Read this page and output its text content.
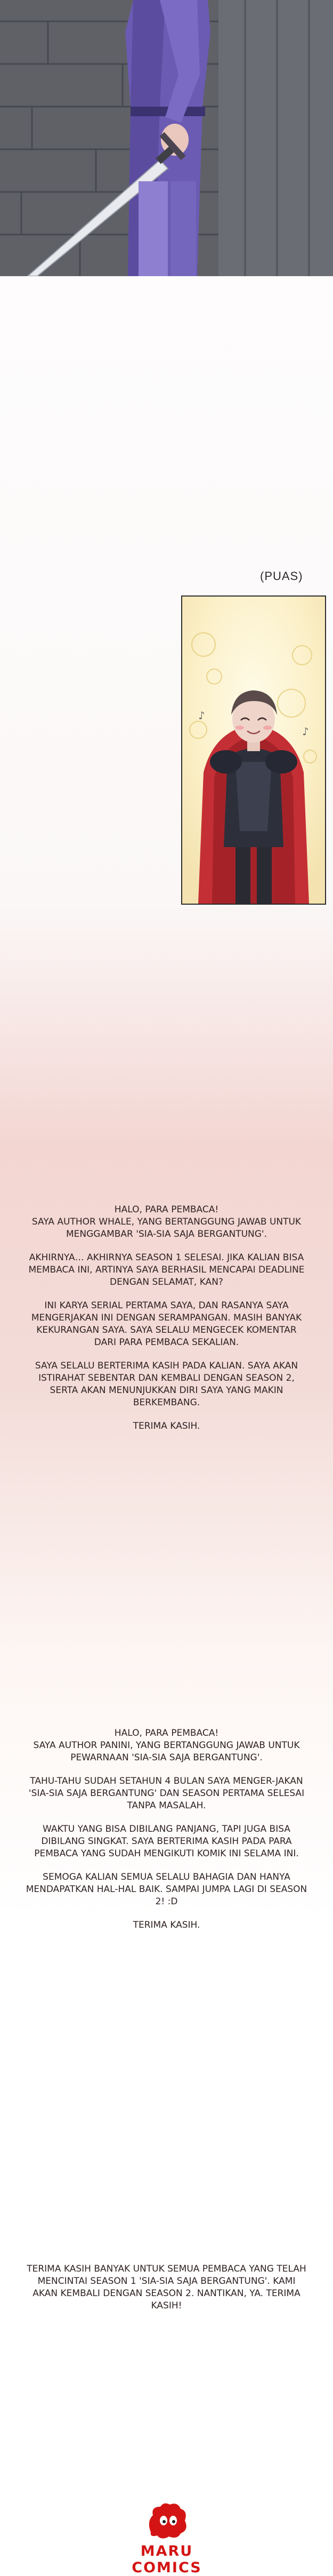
(PUAS)
♪
♪

HALO, PARA PEMBACA!
SAYA AUTHOR WHALE, YANG BERTANGGUNG JAWAB UNTUK MENGGAMBAR 'SIA-SIA SAJA BERGANTUNG'.

AKHIRNYA… AKHIRNYA SEASON 1 SELESAI. JIKA KALIAN BISA MEMBACA INI, ARTINYA SAYA BERHASIL MENCAPAI DEADLINE DENGAN SELAMAT, KAN?

INI KARYA SERIAL PERTAMA SAYA, DAN RASANYA SAYA MENGERJAKAN INI DENGAN SERAMPANGAN. MASIH BANYAK KEKURANGAN SAYA. SAYA SELALU MENGECEK KOMENTAR DARI PARA PEMBACA SEKALIAN.

SAYA SELALU BERTERIMA KASIH PADA KALIAN. SAYA AKAN ISTIRAHAT SEBENTAR DAN KEMBALI DENGAN SEASON 2, SERTA AKAN MENUNJUKKAN DIRI SAYA YANG MAKIN BERKEMBANG.

TERIMA KASIH.

HALO, PARA PEMBACA!
SAYA AUTHOR PANINI, YANG BERTANGGUNG JAWAB UNTUK PEWARNAAN 'SIA-SIA SAJA BERGANTUNG'.

TAHU-TAHU SUDAH SETAHUN 4 BULAN SAYA MENGER-JAKAN 'SIA-SIA SAJA BERGANTUNG' DAN SEASON PERTAMA SELESAI TANPA MASALAH.

WAKTU YANG BISA DIBILANG PANJANG, TAPI JUGA BISA DIBILANG SINGKAT. SAYA BERTERIMA KASIH PADA PARA PEMBACA YANG SUDAH MENGIKUTI KOMIK INI SELAMA INI.

SEMOGA KALIAN SEMUA SELALU BAHAGIA DAN HANYA MENDAPATKAN HAL-HAL BAIK. SAMPAI JUMPA LAGI DI SEASON 2! :D

TERIMA KASIH.

TERIMA KASIH BANYAK UNTUK SEMUA PEMBACA YANG TELAH MENCINTAI SEASON 1 'SIA-SIA SAJA BERGANTUNG'. KAMI AKAN KEMBALI DENGAN SEASON 2. NANTIKAN, YA. TERIMA KASIH!

MARU COMICS
